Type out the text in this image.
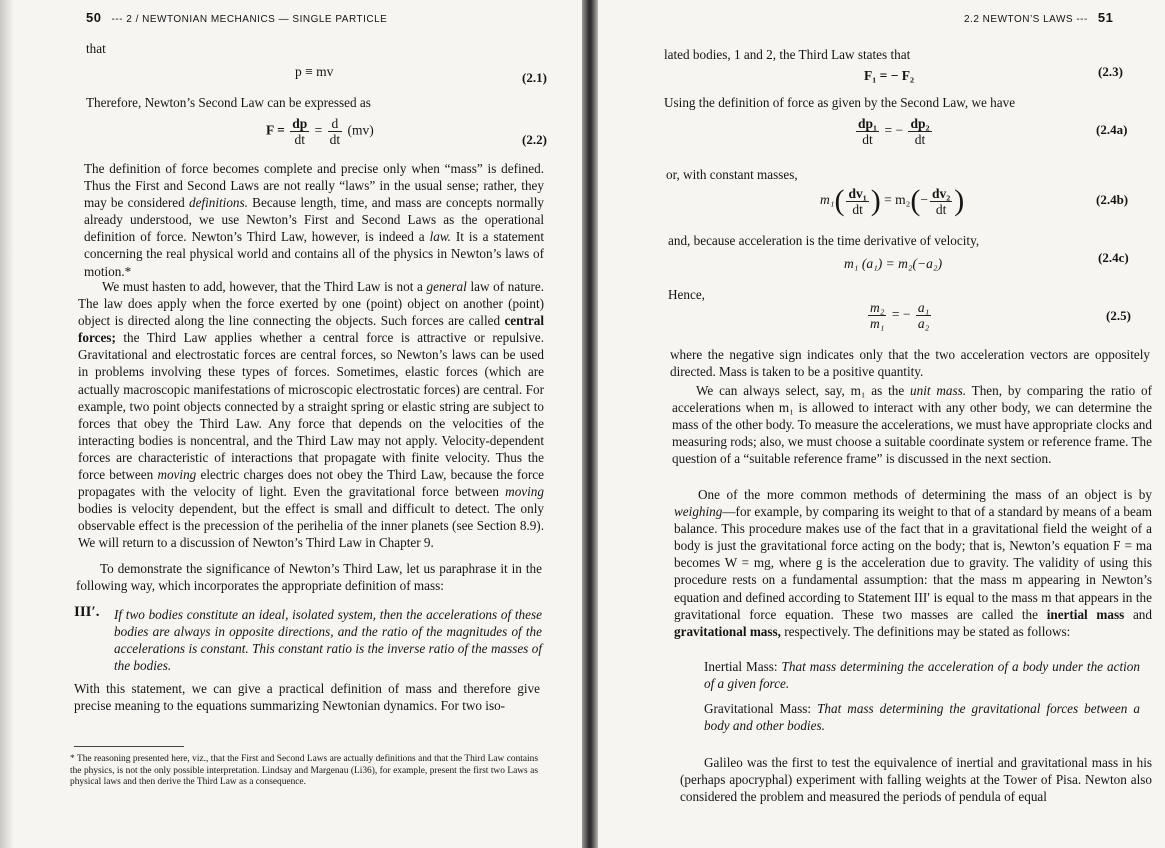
50 --- 2 / NEWTONIAN MECHANICS — SINGLE PARTICLE
that
p ≡ mv	(2.1)
Therefore, Newton’s Second Law can be expressed as
$F = \frac{dp}{dt} = \frac{d}{dt} (mv)$
(2.2)
The definition of force becomes complete and precise only when “mass” is defined. Thus the First and Second Laws are not really “laws” in the usual sense; rather, they may be considered definitions. Because length, time, and mass are concepts normally already understood, we use Newton’s First and Second Laws as the operational definition of force. Newton’s Third Law, however, is indeed a law. It is a statement concerning the real physical world and contains all of the physics in Newton’s laws of motion.*
We must hasten to add, however, that the Third Law is not a general law of nature. The law does apply when the force exerted by one (point) object on another (point) object is directed along the line connecting the objects. Such forces are called central forces; the Third Law applies whether a central force is attractive or repulsive. Gravitational and electrostatic forces are central forces, so Newton’s laws can be used in problems involving these types of forces. Sometimes, elastic forces (which are actually macroscopic manifestations of microscopic electrostatic forces) are central. For example, two point objects connected by a straight spring or elastic string are subject to forces that obey the Third Law. Any force that depends on the velocities of the interacting bodies is noncentral, and the Third Law may not apply. Velocity-dependent forces are characteristic of interactions that propagate with finite velocity. Thus the force between moving electric charges does not obey the Third Law, because the force propagates with the velocity of light. Even the gravitational force between moving bodies is velocity dependent, but the effect is small and difficult to detect. The only observable effect is the precession of the perihelia of the inner planets (see Section 8.9). We will return to a discussion of Newton’s Third Law in Chapter 9.
To demonstrate the significance of Newton’s Third Law, let us paraphrase it in the following way, which incorporates the appropriate definition of mass:
III′. If two bodies constitute an ideal, isolated system, then the accelerations of these bodies are always in opposite directions, and the ratio of the magnitudes of the accelerations is constant. This constant ratio is the inverse ratio of the masses of the bodies.
With this statement, we can give a practical definition of mass and therefore give precise meaning to the equations summarizing Newtonian dynamics. For two iso-
* The reasoning presented here, viz., that the First and Second Laws are actually definitions and that the Third Law contains the physics, is not the only possible interpretation. Lindsay and Margenau (Li36), for example, present the first two Laws as physical laws and then derive the Third Law as a consequence.
2.2 NEWTON’S LAWS --- 51
lated bodies, 1 and 2, the Third Law states that
F₁ = − F₂	(2.3)
Using the definition of force as given by the Second Law, we have
$\frac{\text{dp₁}}{dt}$ = − $\frac{\text{dp₂}}{dt}$	(2.4a)
or, with constant masses,
$m_1( \frac{\text{dv₁}}{dt}$ ) = $m_2(- \frac{\text{dv₂}}{dt}$ )	(2.4b)
and, because acceleration is the time derivative of velocity,
m₁ (a₁) = m₂(−a₂)	(2.4c)
Hence,
$\frac{\text{m₂}}{\text{m₁}}$ = − $\frac{\text{a₁}}{\text{a₂}}$	(2.5)
where the negative sign indicates only that the two acceleration vectors are oppositely directed. Mass is taken to be a positive quantity.
We can always select, say, m₁ as the unit mass. Then, by comparing the ratio of accelerations when m₁ is allowed to interact with any other body, we can determine the mass of the other body. To measure the accelerations, we must have appropriate clocks and measuring rods; also, we must choose a suitable coordinate system or reference frame. The question of a “suitable reference frame” is discussed in the next section.
One of the more common methods of determining the mass of an object is by weighing—for example, by comparing its weight to that of a standard by means of a beam balance. This procedure makes use of the fact that in a gravitational field the weight of a body is just the gravitational force acting on the body; that is, Newton’s equation F = ma becomes W = mg, where g is the acceleration due to gravity. The validity of using this procedure rests on a fundamental assumption: that the mass m appearing in Newton’s equation and defined according to Statement III′ is equal to the mass m that appears in the gravitational force equation. These two masses are called the inertial mass and gravitational mass, respectively. The definitions may be stated as follows:
Inertial Mass: That mass determining the acceleration of a body under the action of a given force.
Gravitational Mass: That mass determining the gravitational forces between a body and other bodies.
Galileo was the first to test the equivalence of inertial and gravitational mass in his (perhaps apocryphal) experiment with falling weights at the Tower of Pisa. Newton also considered the problem and measured the periods of pendula of equal
